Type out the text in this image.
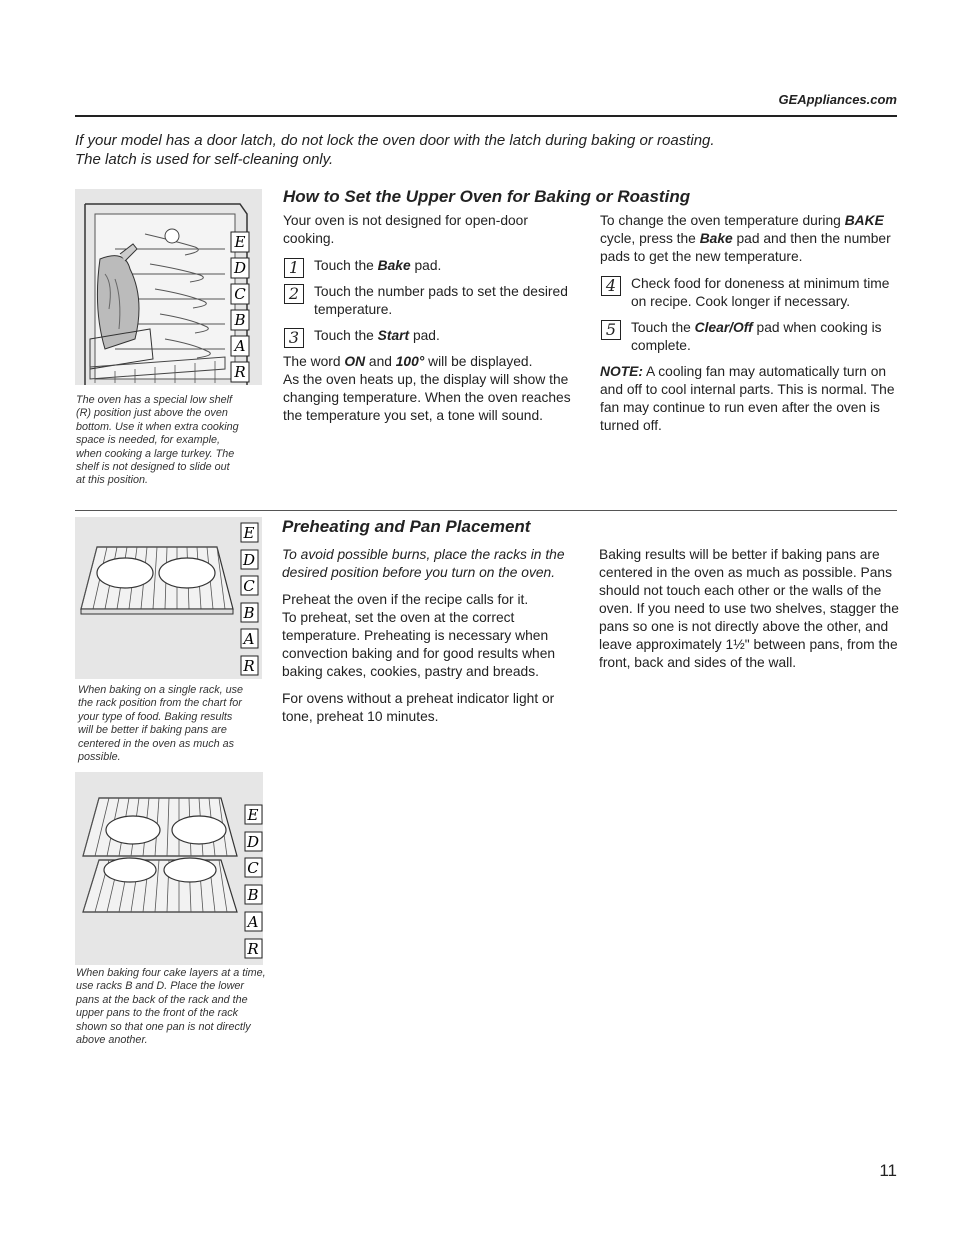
GEAppliances.com
If your model has a door latch, do not lock the oven door with the latch during baking or roasting.
The latch is used for self-cleaning only.
E
D
C
B
A
R
The oven has a special low shelf
(R) position just above the oven
bottom. Use it when extra cooking
space is needed, for example,
when cooking a large turkey. The
shelf is not designed to slide out
at this position.
How to Set the Upper Oven for Baking or Roasting

Your oven is not designed for open-door cooking.

1	Touch the Bake pad.
2	Touch the number pads to set the desired temperature.
3	Touch the Start pad.
The word ON and 100° will be displayed.
As the oven heats up, the display will show the changing temperature. When the oven reaches the temperature you set, a tone will sound.

To change the oven temperature during BAKE cycle, press the Bake pad and then the number pads to get the new temperature.

4	Check food for doneness at minimum time on recipe. Cook longer if necessary.
5	Touch the Clear/Off pad when cooking is complete.
NOTE: A cooling fan may automatically turn on and off to cool internal parts. This is normal. The fan may continue to run even after the oven is turned off.
E
D
C
B
A
R
When baking on a single rack, use
the rack position from the chart for
your type of food. Baking results
will be better if baking pans are
centered in the oven as much as
possible.
E
D
C
B
A
R
When baking four cake layers at a time,
use racks B and D. Place the lower
pans at the back of the rack and the
upper pans to the front of the rack
shown so that one pan is not directly
above another.
Preheating and Pan Placement

To avoid possible burns, place the racks in the desired position before you turn on the oven.

Preheat the oven if the recipe calls for it.

To preheat, set the oven at the correct temperature. Preheating is necessary when convection baking and for good results when baking cakes, cookies, pastry and breads.

For ovens without a preheat indicator light or tone, preheat 10 minutes.

Baking results will be better if baking pans are centered in the oven as much as possible. Pans should not touch each other or the walls of the oven. If you need to use two shelves, stagger the pans so one is not directly above the other, and leave approximately 1½" between pans, from the front, back and sides of the wall.

11
